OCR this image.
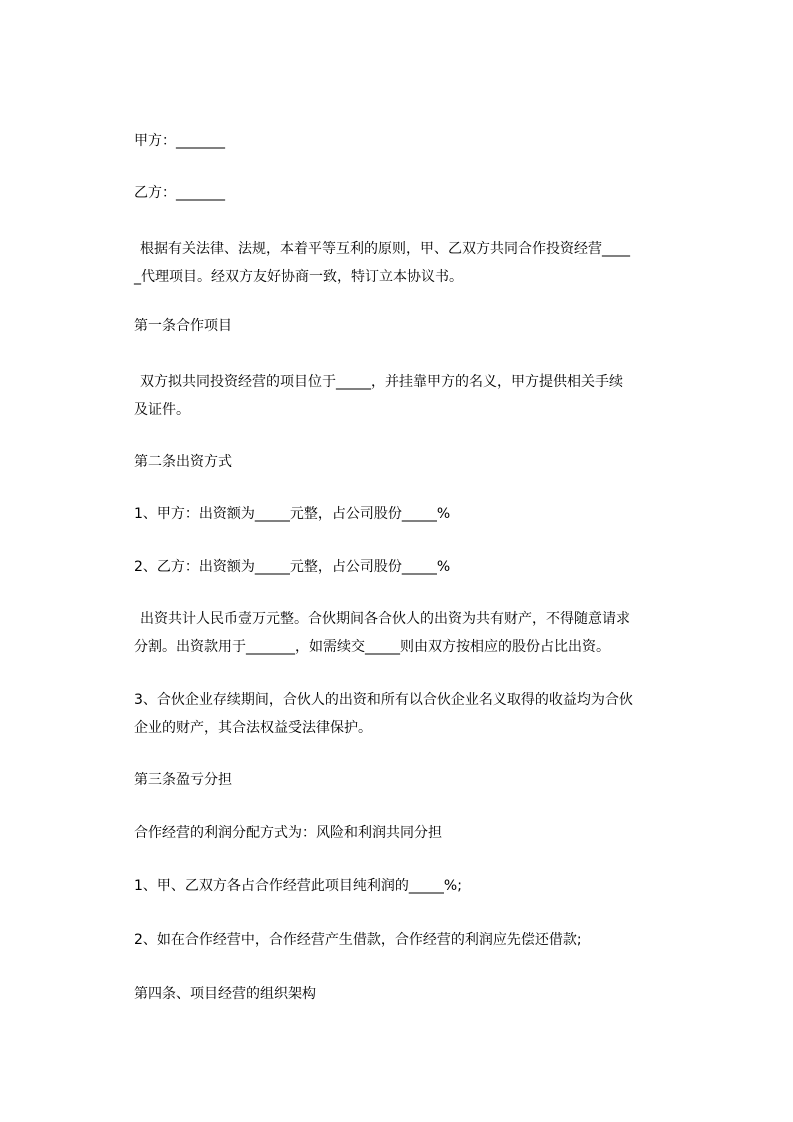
甲方：_______

乙方：_______

根据有关法律、法规，本着平等互利的原则，甲、乙双方共同合作投资经营____
_代理项目。经双方友好协商一致，特订立本协议书。

第一条合作项目

双方拟共同投资经营的项目位于_____，并挂靠甲方的名义，甲方提供相关手续
及证件。

第二条出资方式

1、甲方：出资额为_____元整，占公司股份_____%

2、乙方：出资额为_____元整，占公司股份_____%

出资共计人民币壹万元整。合伙期间各合伙人的出资为共有财产，不得随意请求
分割。出资款用于_______，如需续交_____则由双方按相应的股份占比出资。

3、合伙企业存续期间，合伙人的出资和所有以合伙企业名义取得的收益均为合伙
企业的财产，其合法权益受法律保护。

第三条盈亏分担

合作经营的利润分配方式为：风险和利润共同分担

1、甲、乙双方各占合作经营此项目纯利润的_____%;

2、如在合作经营中，合作经营产生借款，合作经营的利润应先偿还借款;

第四条、项目经营的组织架构
